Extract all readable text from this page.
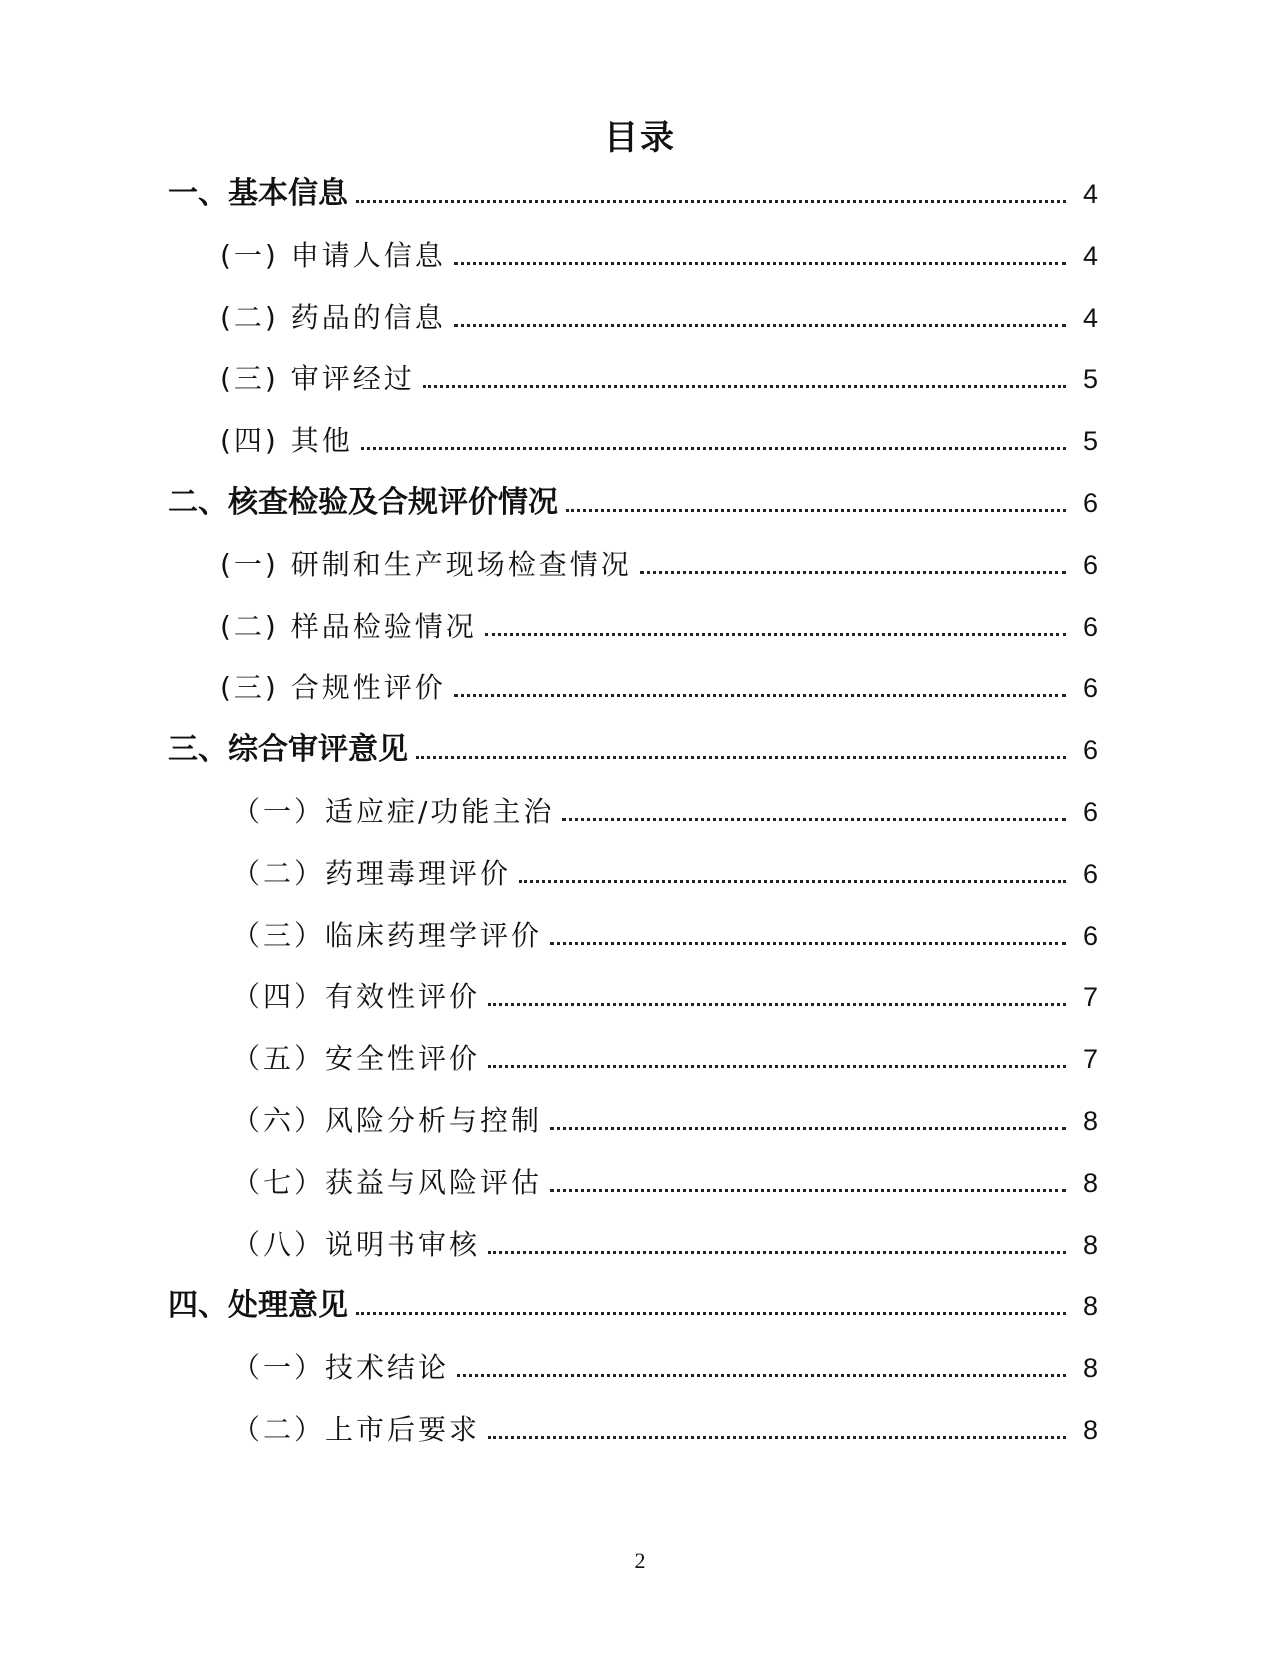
目录
一、基本信息	4
(一) 申请人信息	4
(二) 药品的信息	4
(三) 审评经过	5
(四) 其他	5
二、核查检验及合规评价情况	6
(一) 研制和生产现场检查情况	6
(二) 样品检验情况	6
(三) 合规性评价	6
三、综合审评意见	6
（一）适应症/功能主治	6
（二）药理毒理评价	6
（三）临床药理学评价	6
（四）有效性评价	7
（五）安全性评价	7
（六）风险分析与控制	8
（七）获益与风险评估	8
（八）说明书审核	8
四、处理意见	8
（一）技术结论	8
（二）上市后要求	8
2
